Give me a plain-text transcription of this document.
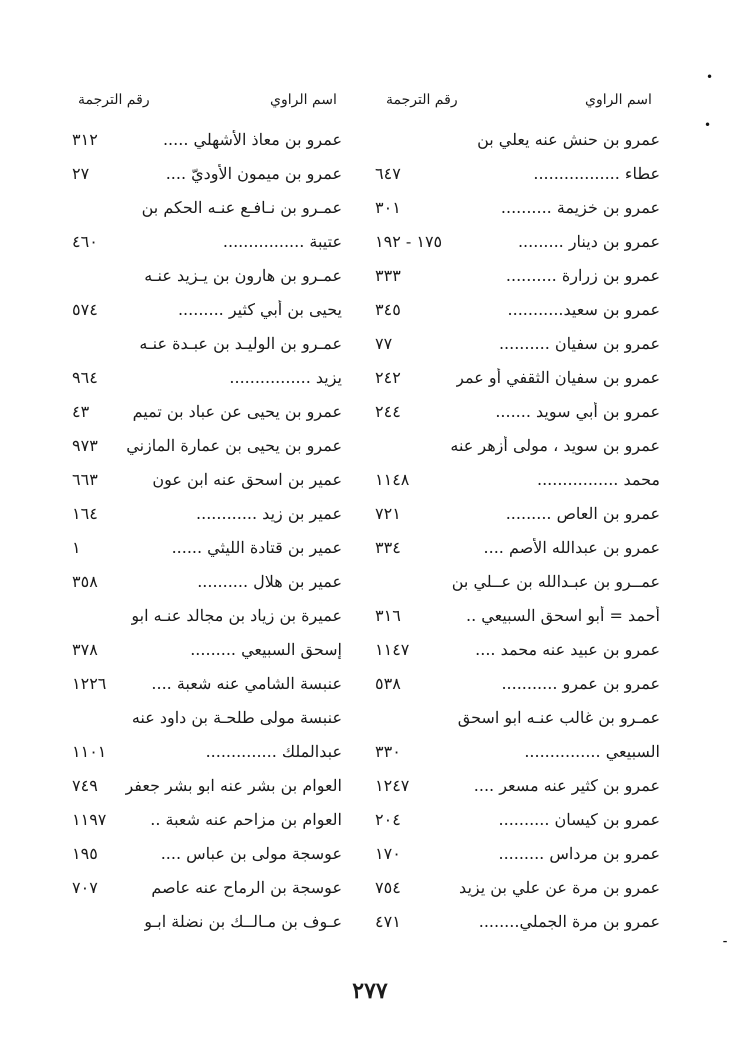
•
•
اسم الراوي
رقم الترجمة
اسم الراوي
رقم الترجمة
عمرو بن حنش عنه يعلي بن
عطاء .................
٦٤٧
عمرو بن خزيمة ..........
٣٠١
عمرو بن دينار .........
١٧٥ - ١٩٢
عمرو بن زرارة ..........
٣٣٣
عمرو بن سعيد...........
٣٤٥
عمرو بن سفيان ..........
٧٧
عمرو بن سفيان الثقفي أو عمر
٢٤٢
عمرو بن أبي سويد .......
٢٤٤
عمرو بن سويد ، مولى أزهر عنه
محمد ................
١١٤٨
عمرو بن العاص .........
٧٢١
عمرو بن عبدالله الأصم ....
٣٣٤
عمــرو بن عبـدالله بن عــلي بن
أحمد = أبو اسحق السبيعي ..
٣١٦
عمرو بن عبيد عنه محمد ....
١١٤٧
عمرو بن عمرو ...........
٥٣٨
عمـرو بن غالب عنـه ابو اسحق
السبيعي ...............
٣٣٠
عمرو بن كثير عنه مسعر ....
١٢٤٧
عمرو بن كيسان ..........
٢٠٤
عمرو بن مرداس .........
١٧٠
عمرو بن مرة عن علي بن يزيد
٧٥٤
عمرو بن مرة الجملي........
٤٧١
عمرو بن معاذ الأشهلي .....
٣١٢
عمرو بن ميمون الأوديّ ....
٢٧
عمـرو بن نـافـع عنـه الحكم بن
عتيبة ................
٤٦٠
عمـرو بن هارون بن يـزيد عنـه
يحيى بن أبي كثير .........
٥٧٤
عمـرو بن الوليـد بن عبـدة عنـه
يزيد ................
٩٦٤
عمرو بن يحيى عن عباد بن تميم
٤٣
عمرو بن يحيى بن عمارة المازني
٩٧٣
عمير بن اسحق عنه ابن عون
٦٦٣
عمير بن زيد ............
١٦٤
عمير بن قتادة الليثي ......
١
عمير بن هلال ..........
٣٥٨
عميرة بن زياد بن مجالد عنـه ابو
إسحق السبيعي .........
٣٧٨
عنبسة الشامي عنه شعبة ....
١٢٢٦
عنبسة مولى طلحـة بن داود عنه
عبدالملك ..............
١١٠١
العوام بن بشر عنه ابو بشر جعفر
٧٤٩
العوام بن مزاحم عنه شعبة ..
١١٩٧
عوسجة مولى بن عباس ....
١٩٥
عوسجة بن الرماح عنه عاصم
٧٠٧
عـوف بن مـالــك بن نضلة ابـو
٢٧٧
⁃
